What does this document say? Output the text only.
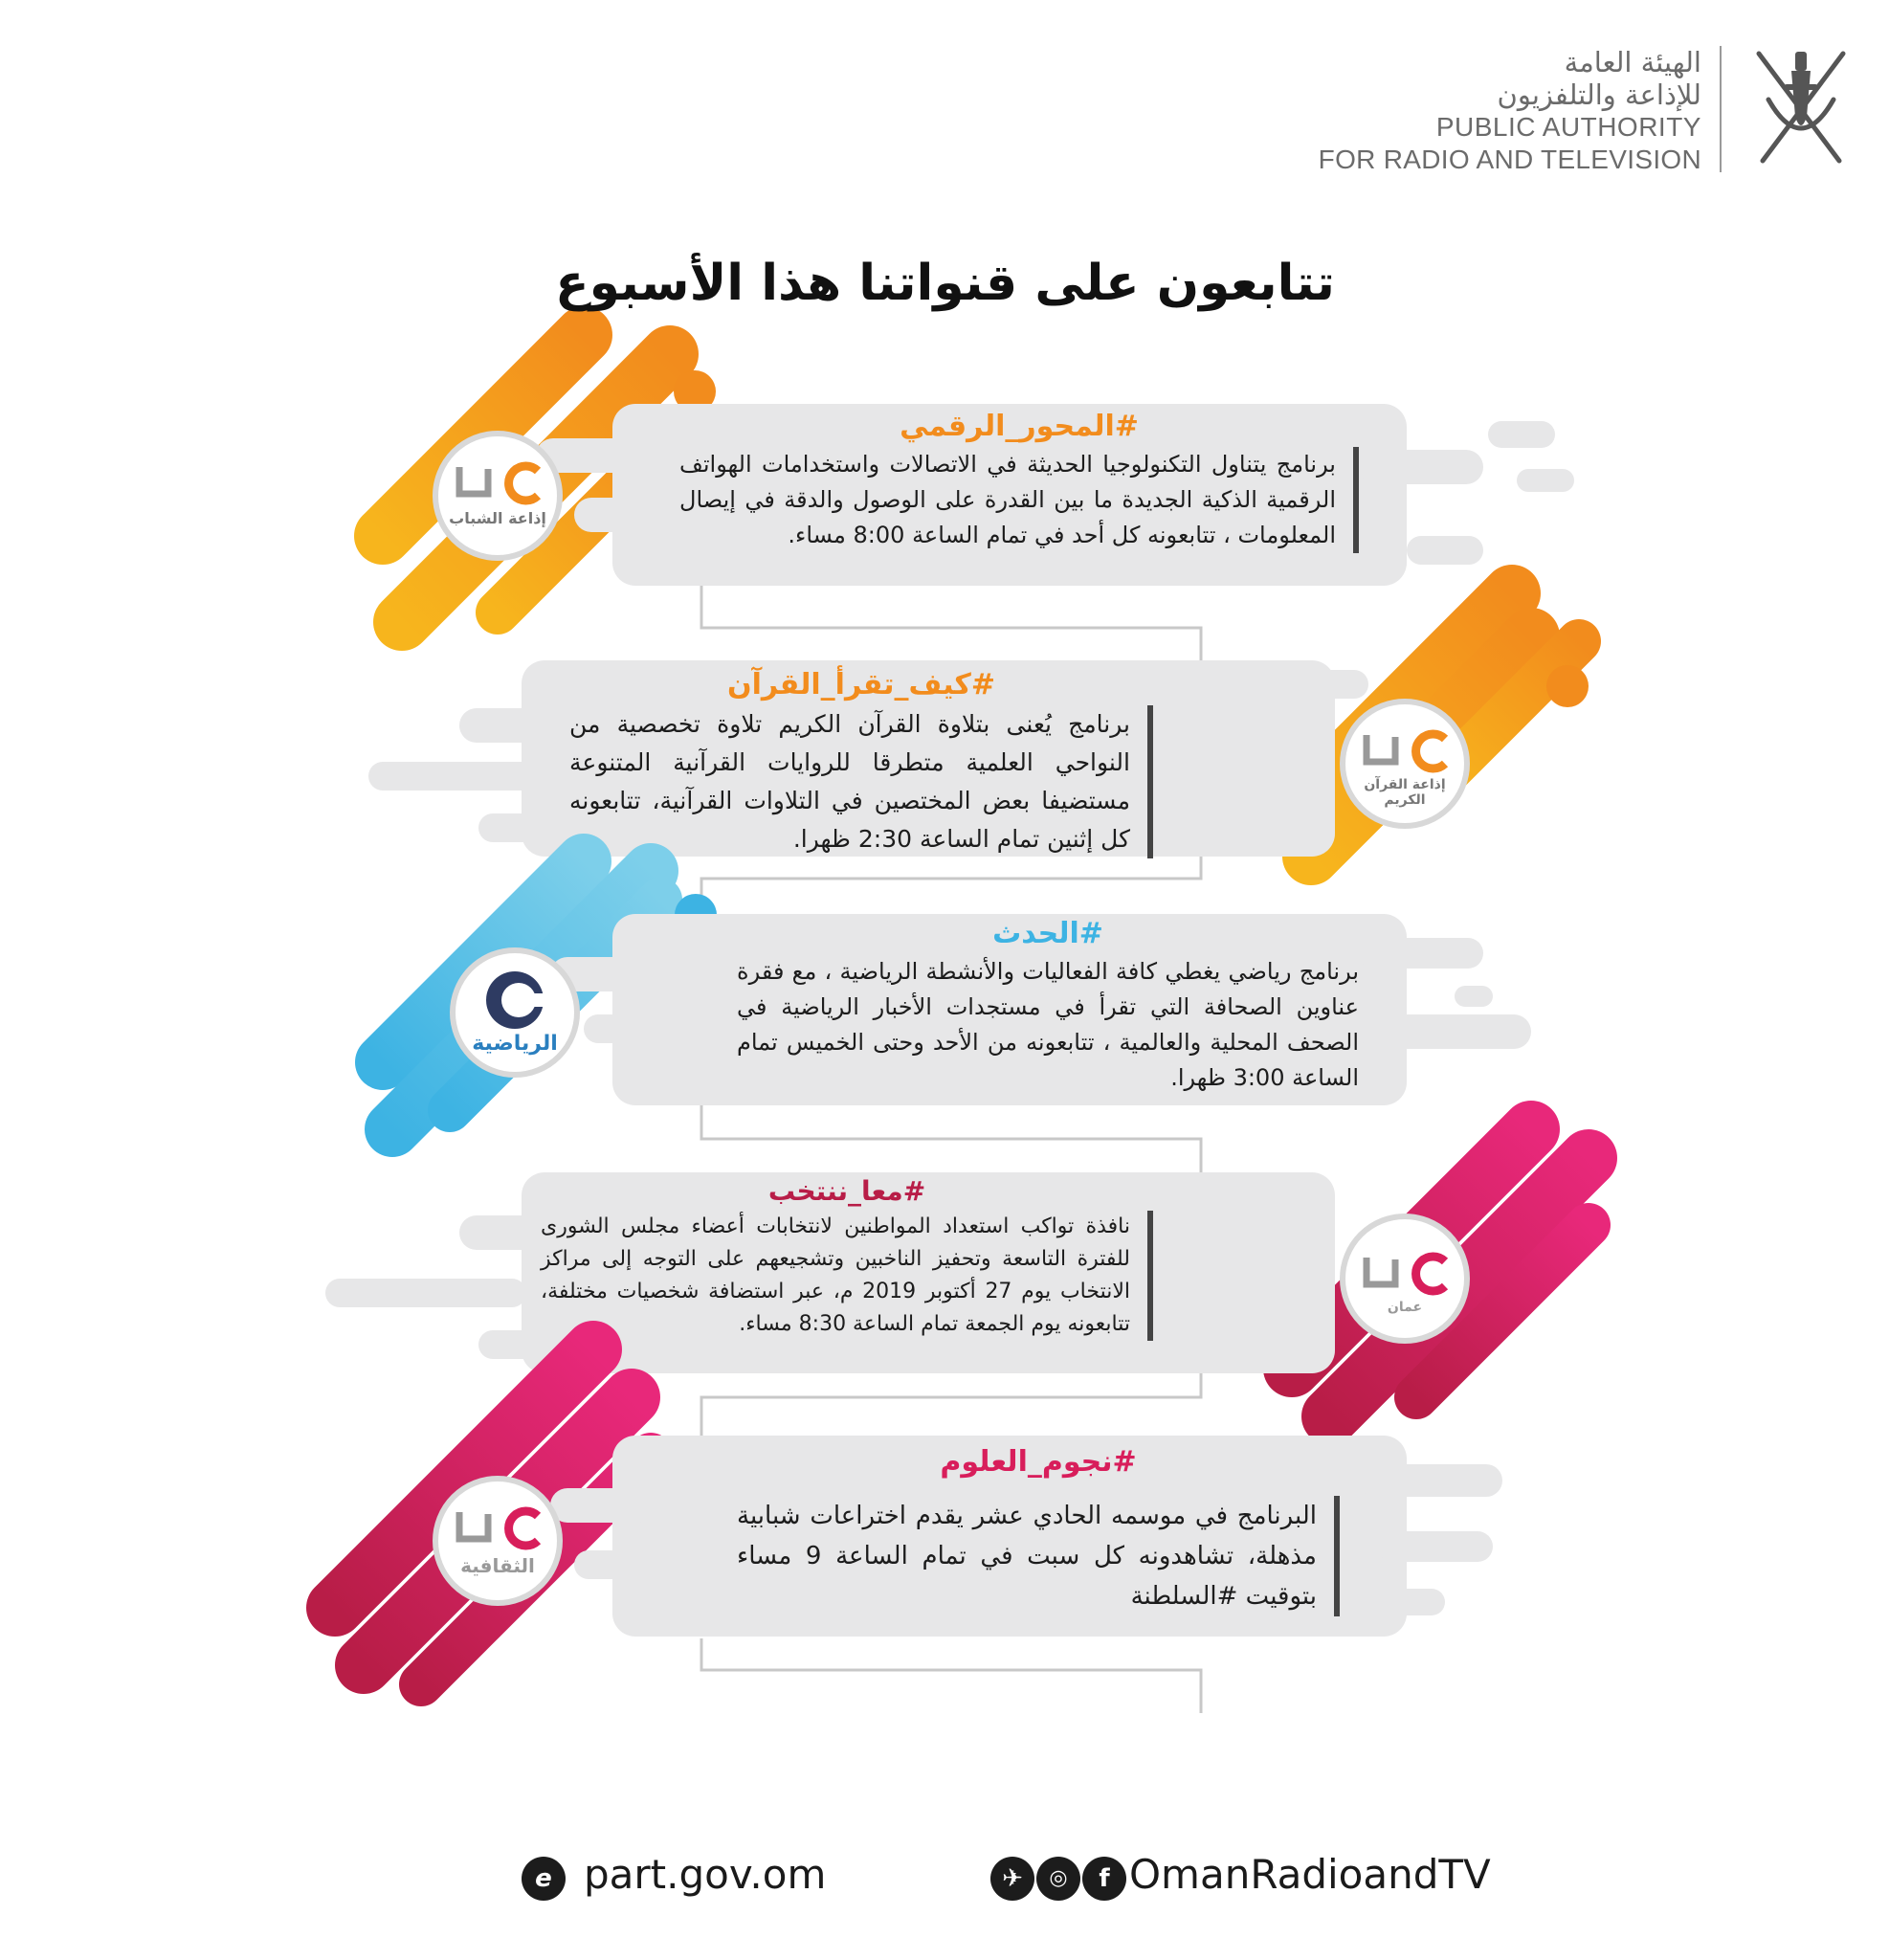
الهيئة العامة
للإذاعة والتلفزيون
PUBLIC AUTHORITY
FOR RADIO AND TELEVISION
تتابعون على قنواتنا هذا الأسبوع
إذاعة الشباب
#المحور_الرقمي
برنامج يتناول التكنولوجيا الحديثة في الاتصالات واستخدامات الهواتف الرقمية الذكية الجديدة ما بين القدرة على الوصول والدقة في إيصال المعلومات ، تتابعونه كل أحد في تمام الساعة 8:00 مساء.
إذاعة القرآن الكريم
#كيف_تقرأ_القرآن
برنامج يُعنى بتلاوة القرآن الكريم تلاوة تخصصية من النواحي العلمية متطرقا للروايات القرآنية المتنوعة مستضيفا بعض المختصين في التلاوات القرآنية، تتابعونه كل إثنين تمام الساعة 2:30 ظهرا.
الرياضية
#الحدث
برنامج رياضي يغطي كافة الفعاليات والأنشطة الرياضية ، مع فقرة عناوين الصحافة التي تقرأ في مستجدات الأخبار الرياضية في الصحف المحلية والعالمية ، تتابعونه من الأحد وحتى الخميس تمام الساعة 3:00 ظهرا.
عمان
#معا_ننتخب
نافذة تواكب استعداد المواطنين لانتخابات أعضاء مجلس الشورى للفترة التاسعة وتحفيز الناخبين وتشجيعهم على التوجه إلى مراكز الانتخاب يوم 27 أكتوبر 2019 م، عبر استضافة شخصيات مختلفة، تتابعونه يوم الجمعة تمام الساعة 8:30 مساء.
الثقافية
#نجوم_العلوم
البرنامج في موسمه الحادي عشر يقدم اختراعات شبابية مذهلة، تشاهدونه كل سبت في تمام الساعة 9 مساء بتوقيت #السلطنة
e part.gov.om	✈	◎	f OmanRadioandTV
